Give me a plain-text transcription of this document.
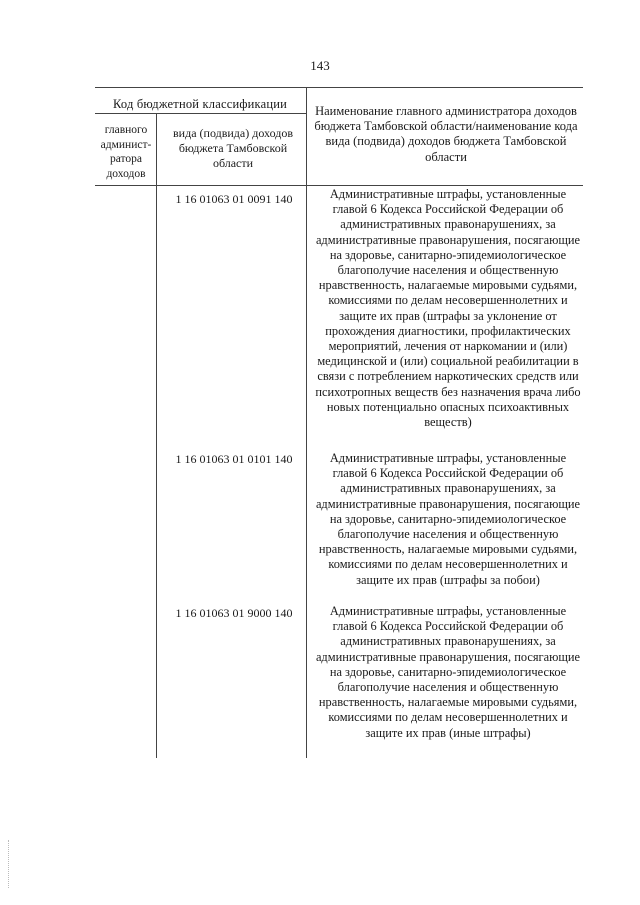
143
Код бюджетной классификации
главного админист-ратора доходов
вида (подвида) доходов бюджета Тамбовской области
Наименование главного администратора доходов бюджета Тамбовской области/наименование кода вида (подвида) доходов бюджета Тамбовской области
1 16 01063 01 0091 140	Административные штрафы, установленные главой 6 Кодекса Российской Федерации об административных правонарушениях, за административные правонарушения, посягающие на здоровье, санитарно-эпидемиологическое благополучие населения и общественную нравственность, налагаемые мировыми судьями, комиссиями по делам несовершеннолетних и защите их прав (штрафы за уклонение от прохождения диагностики, профилактических мероприятий, лечения от наркомании и (или) медицинской и (или) социальной реабилитации в связи с потреблением наркотических средств или психотропных веществ без назначения врача либо новых потенциально опасных психоактивных веществ)
1 16 01063 01 0101 140	Административные штрафы, установленные главой 6 Кодекса Российской Федерации об административных правонарушениях, за административные правонарушения, посягающие на здоровье, санитарно-эпидемиологическое благополучие населения и общественную нравственность, налагаемые мировыми судьями, комиссиями по делам несовершеннолетних и защите их прав (штрафы за побои)
1 16 01063 01 9000 140	Административные штрафы, установленные главой 6 Кодекса Российской Федерации об административных правонарушениях, за административные правонарушения, посягающие на здоровье, санитарно-эпидемиологическое благополучие населения и общественную нравственность, налагаемые мировыми судьями, комиссиями по делам несовершеннолетних и защите их прав (иные штрафы)
